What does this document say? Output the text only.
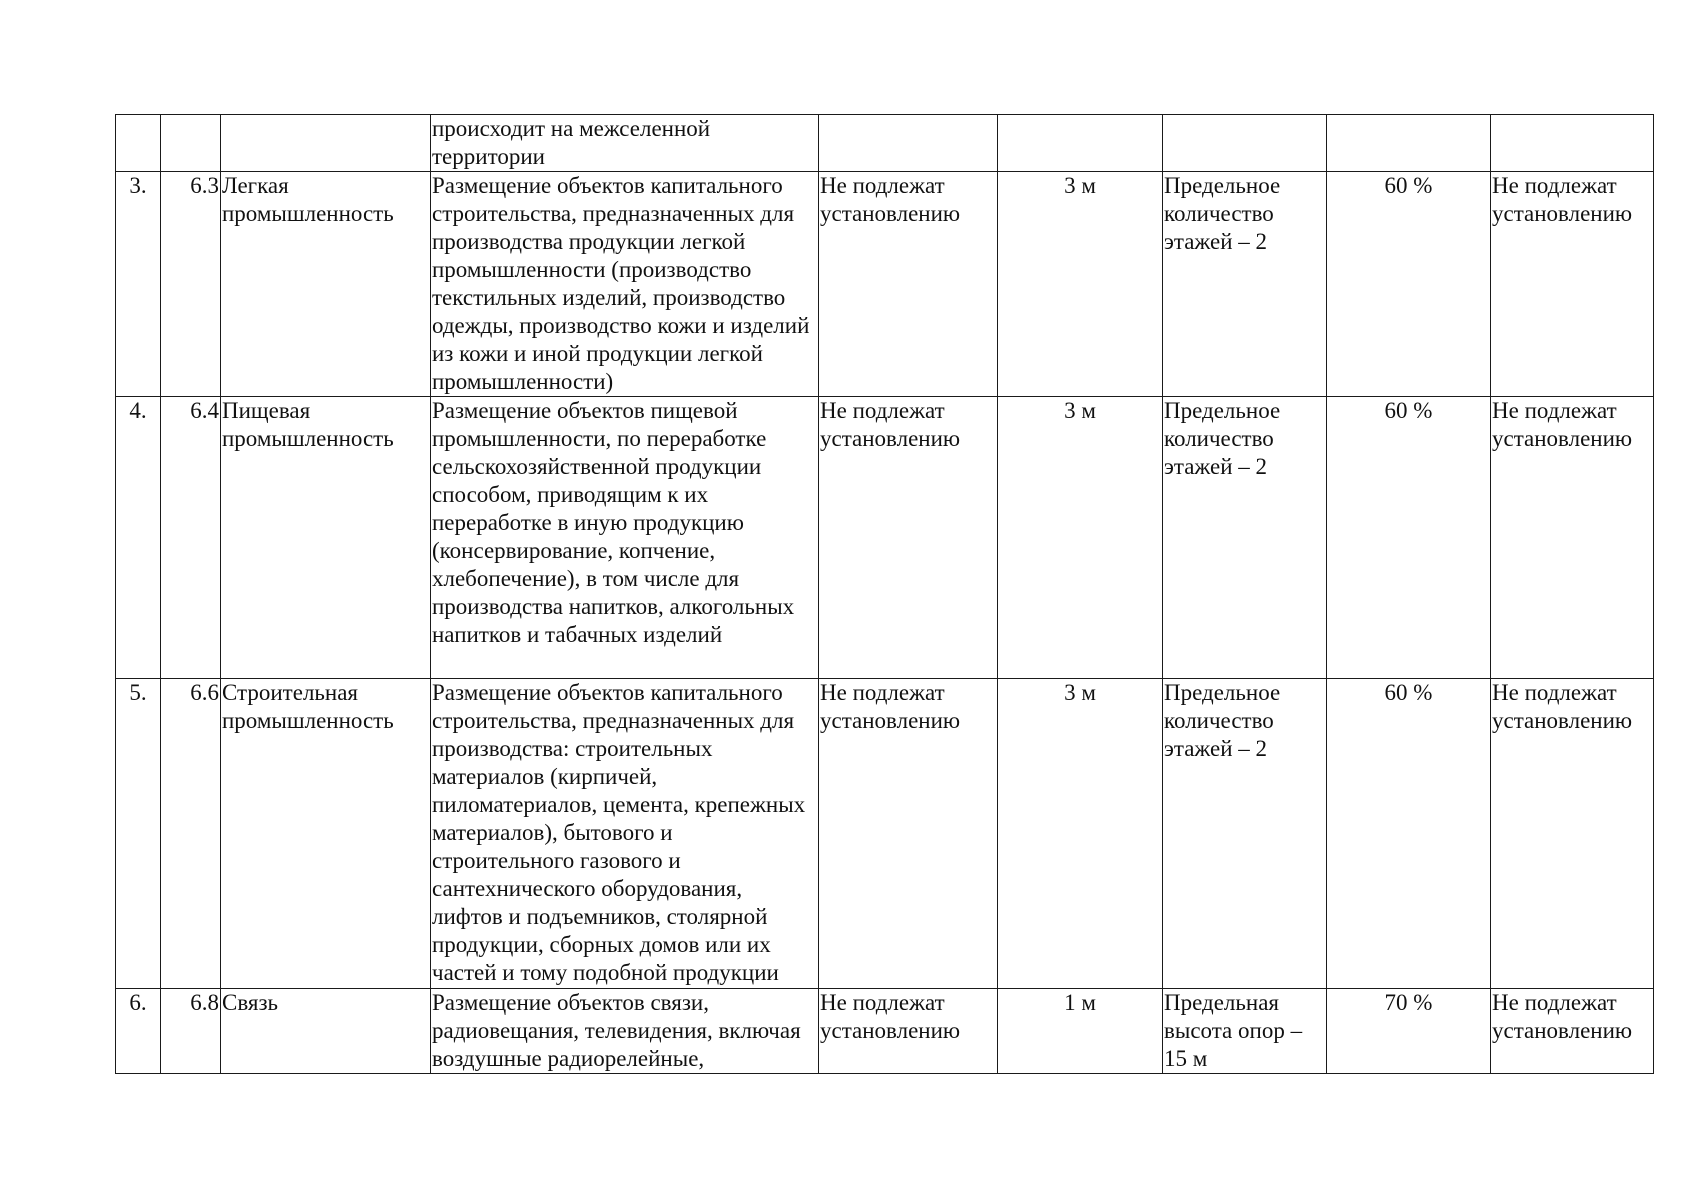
			происходит на межселенной территории					
3.	6.3	Легкая промышленность	Размещение объектов капитального строительства, предназначенных для производства продукции легкой промышленности (производство текстильных изделий, производство одежды, производство кожи и изделий из кожи и иной продукции легкой промышленности)	Не подлежат установлению	3 м	Предельное количество этажей – 2	60 %	Не подлежат установлению
4.	6.4	Пищевая промышленность	Размещение объектов пищевой промышленности, по переработке сельскохозяйственной продукции способом, приводящим к их переработке в иную продукцию (консервирование, копчение, хлебопечение), в том числе для производства напитков, алкогольных напитков и табачных изделий	Не подлежат установлению	3 м	Предельное количество этажей – 2	60 %	Не подлежат установлению
5.	6.6	Строительная промышленность	Размещение объектов капитального строительства, предназначенных для производства: строительных материалов (кирпичей, пиломатериалов, цемента, крепежных материалов), бытового и строительного газового и сантехнического оборудования, лифтов и подъемников, столярной продукции, сборных домов или их частей и тому подобной продукции	Не подлежат установлению	3 м	Предельное количество этажей – 2	60 %	Не подлежат установлению
6.	6.8	Связь	Размещение объектов связи, радиовещания, телевидения, включая воздушные радиорелейные,	Не подлежат установлению	1 м	Предельная высота опор – 15 м	70 %	Не подлежат установлению
